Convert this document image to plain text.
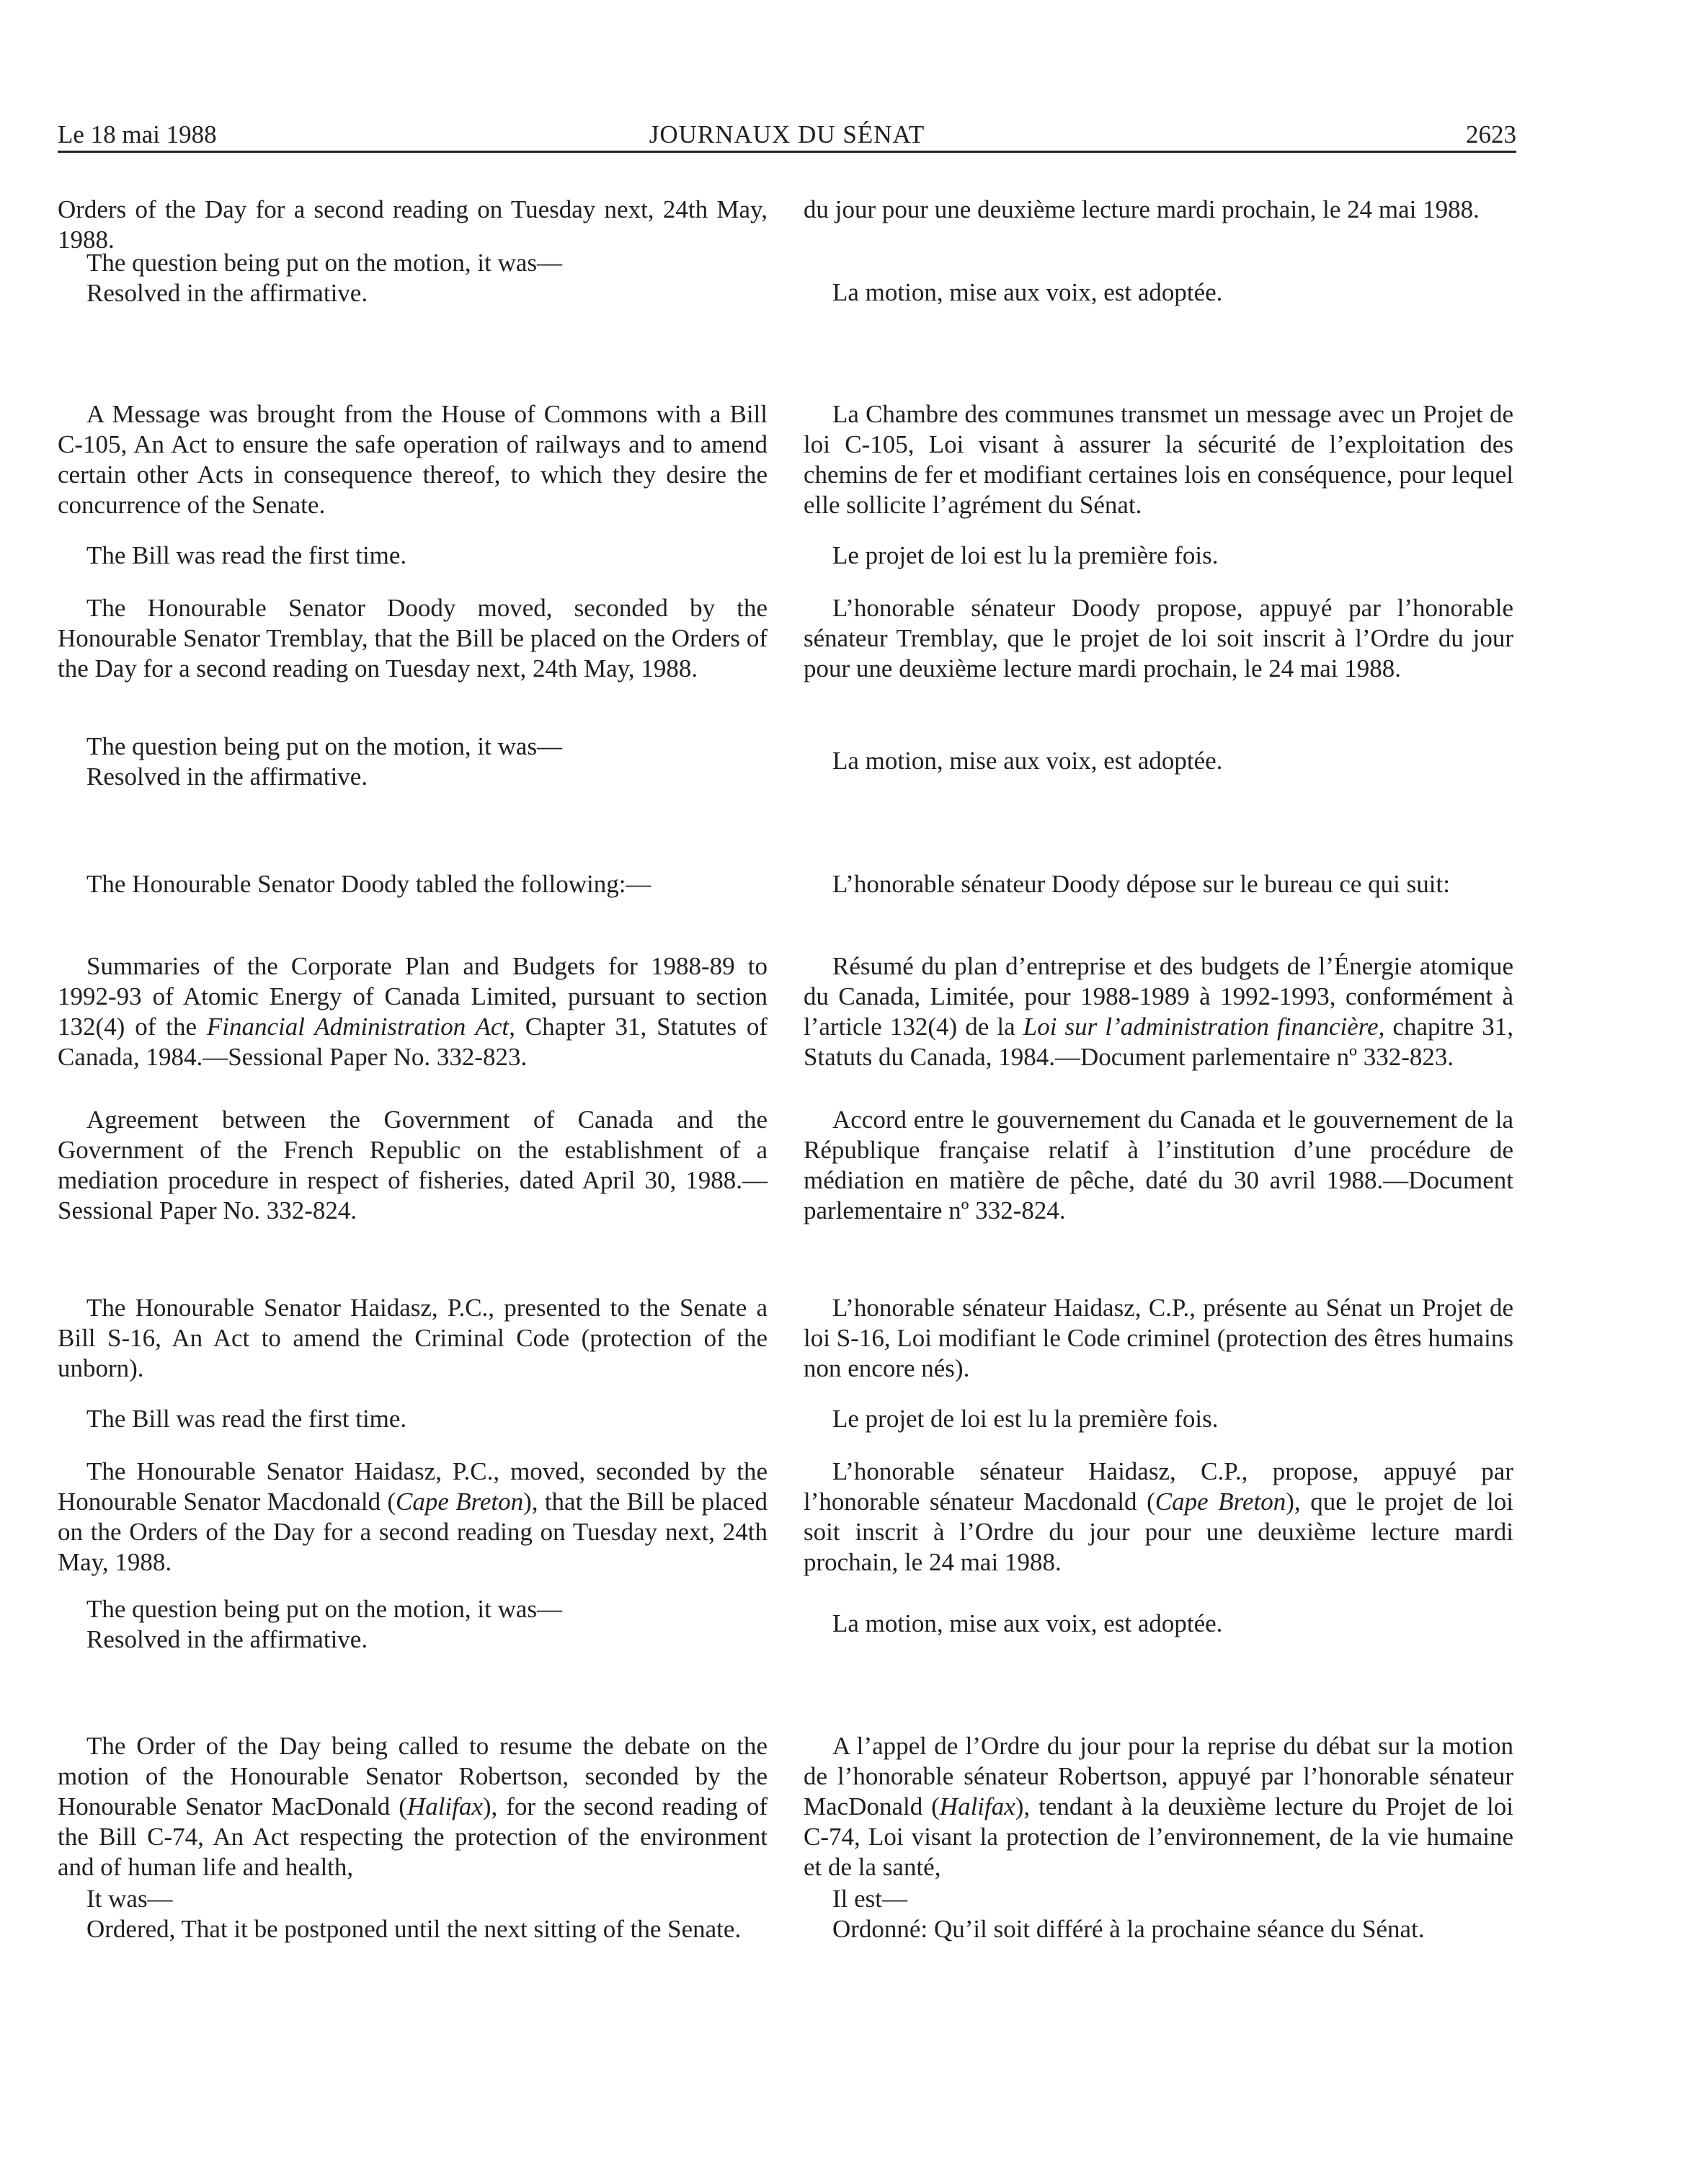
Le 18 mai 1988	JOURNAUX DU SÉNAT	2623
Orders of the Day for a second reading on Tuesday next, 24th May, 1988.
The question being put on the motion, it was—
Resolved in the affirmative.
A Message was brought from the House of Commons with a Bill C-105, An Act to ensure the safe operation of railways and to amend certain other Acts in consequence thereof, to which they desire the concurrence of the Senate.
The Bill was read the first time.
The Honourable Senator Doody moved, seconded by the Honourable Senator Tremblay, that the Bill be placed on the Orders of the Day for a second reading on Tuesday next, 24th May, 1988.
The question being put on the motion, it was—
Resolved in the affirmative.
The Honourable Senator Doody tabled the following:—
Summaries of the Corporate Plan and Budgets for 1988-89 to 1992-93 of Atomic Energy of Canada Limited, pursuant to section 132(4) of the Financial Administration Act, Chapter 31, Statutes of Canada, 1984.—Sessional Paper No. 332-823.
Agreement between the Government of Canada and the Government of the French Republic on the establishment of a mediation procedure in respect of fisheries, dated April 30, 1988.—Sessional Paper No. 332-824.
The Honourable Senator Haidasz, P.C., presented to the Senate a Bill S-16, An Act to amend the Criminal Code (protection of the unborn).
The Bill was read the first time.
The Honourable Senator Haidasz, P.C., moved, seconded by the Honourable Senator Macdonald (Cape Breton), that the Bill be placed on the Orders of the Day for a second reading on Tuesday next, 24th May, 1988.
The question being put on the motion, it was—
Resolved in the affirmative.
The Order of the Day being called to resume the debate on the motion of the Honourable Senator Robertson, seconded by the Honourable Senator MacDonald (Halifax), for the second reading of the Bill C-74, An Act respecting the protection of the environment and of human life and health,
It was—
Ordered, That it be postponed until the next sitting of the Senate.
du jour pour une deuxième lecture mardi prochain, le 24 mai 1988.
La motion, mise aux voix, est adoptée.
La Chambre des communes transmet un message avec un Projet de loi C-105, Loi visant à assurer la sécurité de l’exploitation des chemins de fer et modifiant certaines lois en conséquence, pour lequel elle sollicite l’agrément du Sénat.
Le projet de loi est lu la première fois.
L’honorable sénateur Doody propose, appuyé par l’honorable sénateur Tremblay, que le projet de loi soit inscrit à l’Ordre du jour pour une deuxième lecture mardi prochain, le 24 mai 1988.
La motion, mise aux voix, est adoptée.
L’honorable sénateur Doody dépose sur le bureau ce qui suit:
Résumé du plan d’entreprise et des budgets de l’Énergie atomique du Canada, Limitée, pour 1988-1989 à 1992-1993, conformément à l’article 132(4) de la Loi sur l’administration financière, chapitre 31, Statuts du Canada, 1984.—Document parlementaire nº 332-823.
Accord entre le gouvernement du Canada et le gouvernement de la République française relatif à l’institution d’une procédure de médiation en matière de pêche, daté du 30 avril 1988.—Document parlementaire nº 332-824.
L’honorable sénateur Haidasz, C.P., présente au Sénat un Projet de loi S-16, Loi modifiant le Code criminel (protection des êtres humains non encore nés).
Le projet de loi est lu la première fois.
L’honorable sénateur Haidasz, C.P., propose, appuyé par l’honorable sénateur Macdonald (Cape Breton), que le projet de loi soit inscrit à l’Ordre du jour pour une deuxième lecture mardi prochain, le 24 mai 1988.
La motion, mise aux voix, est adoptée.
A l’appel de l’Ordre du jour pour la reprise du débat sur la motion de l’honorable sénateur Robertson, appuyé par l’honorable sénateur MacDonald (Halifax), tendant à la deuxième lecture du Projet de loi C-74, Loi visant la protection de l’environnement, de la vie humaine et de la santé,
Il est—
Ordonné: Qu’il soit différé à la prochaine séance du Sénat.
